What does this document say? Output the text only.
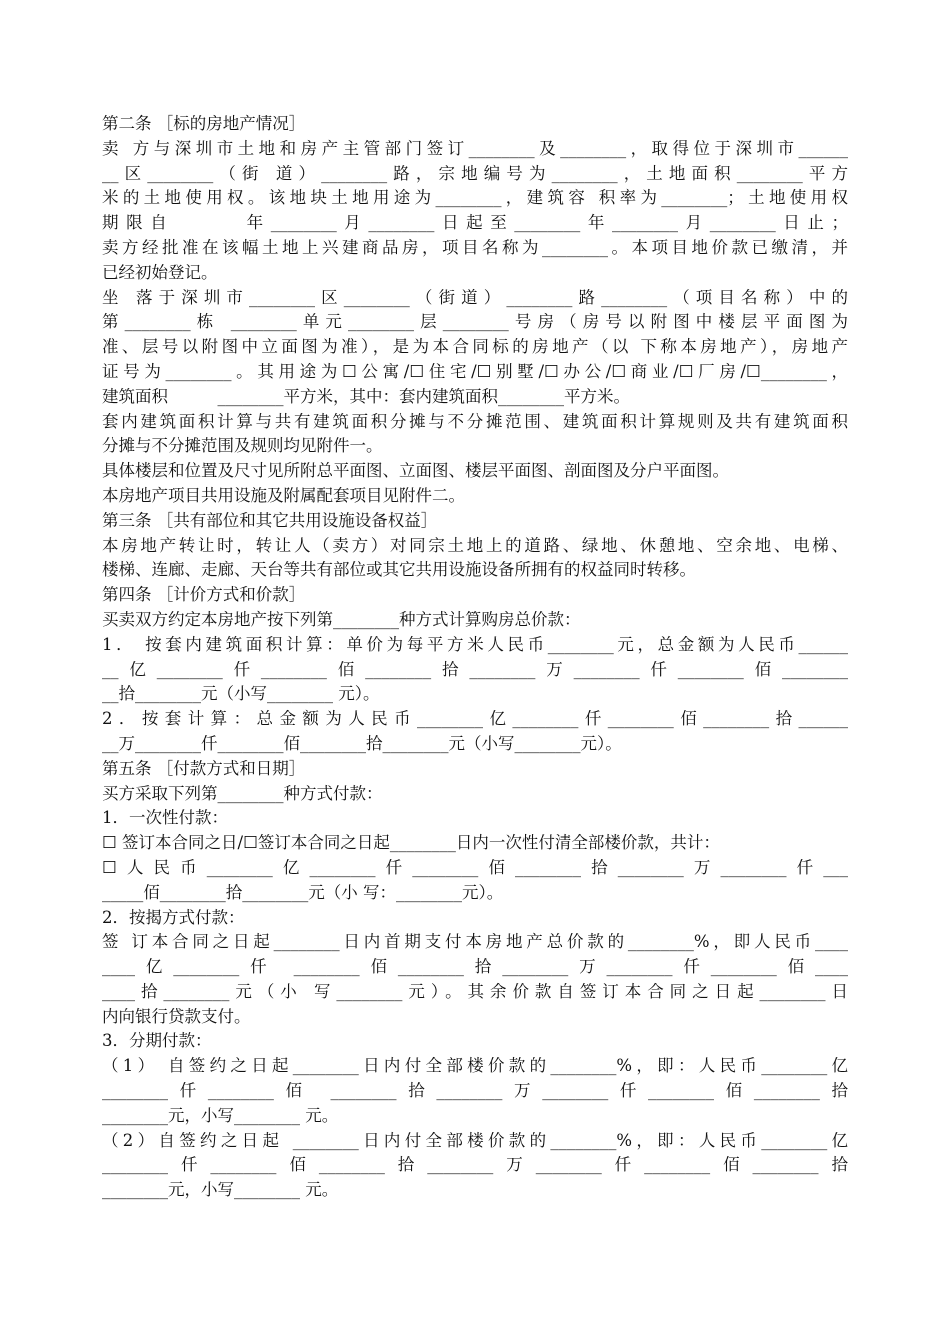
第二条 ［标的房地产情况］
卖 方与深圳市土地和房产主管部门签订________及________，取得位于深圳市______
__区________（街 道）________路，宗地编号为________，土地面积________平方
米的土地使用权。该地块土地用途为________，建筑容 积率为________；土地使用权
期限自　　　年________月________日起至________年________月________日止；
卖方经批准在该幅土地上兴建商品房，项目名称为________。本项目地价款已缴清，并
已经初始登记。
坐 落于深圳市________区________（街道）________路________（项目名称）中的
第________栋 ________单元________层________号房（房号以附图中楼层平面图为
准、层号以附图中立面图为准），是为本合同标的房地产（以 下称本房地产），房地产
证号为________。其用途为☐公寓/☐住宅/☐别墅/☐办公/☐商业/☐厂房/☐________，
建筑面积　　　________平方米，其中：套内建筑面积________平方米。
套内建筑面积计算与共有建筑面积分摊与不分摊范围、建筑面积计算规则及共有建筑面积
分摊与不分摊范围及规则均见附件一。
具体楼层和位置及尺寸见所附总平面图、立面图、楼层平面图、剖面图及分户平面图。
本房地产项目共用设施及附属配套项目见附件二。
第三条 ［共有部位和其它共用设施设备权益］
本房地产转让时，转让人（卖方）对同宗土地上的道路、绿地、休憩地、空余地、电梯、
楼梯、连廊、走廊、天台等共有部位或其它共用设施设备所拥有的权益同时转移。
第四条 ［计价方式和价款］
买卖双方约定本房地产按下列第________种方式计算购房总价款：
1． 按套内建筑面积计算：单价为每平方米人民币________元，总金额为人民币______
__亿________仟________佰________拾________万________仟________佰________
__拾________元（小写________ 元）。
2．按套计算：总金额为人民币________亿________仟________佰________拾______
__万________仟________佰________拾________元（小写________元）。
第五条 ［付款方式和日期］
买方采取下列第________种方式付款：
1．一次性付款：
☐ 签订本合同之日/☐签订本合同之日起________日内一次性付清全部楼价款，共计：
☐人民币________亿________仟________佰________拾________万________仟___
_____佰________拾________元（小 写：________元）。
2．按揭方式付款：
签 订本合同之日起________日内首期支付本房地产总价款的________%，即人民币____
____亿________仟 ________佰________拾________万________仟________佰____
____拾________元（小 写________元）。其余价款自签订本合同之日起________日
内向银行贷款支付。
3．分期付款：
（1） 自签约之日起________日内付全部楼价款的________%，即：人民币________亿
________仟________佰 ________拾________万________仟________佰________拾
________元，小写________ 元。
（2）自签约之日起 ________日内付全部楼价款的________%，即：人民币________亿
________仟________佰________拾________万________仟________佰________拾
________元，小写________ 元。
